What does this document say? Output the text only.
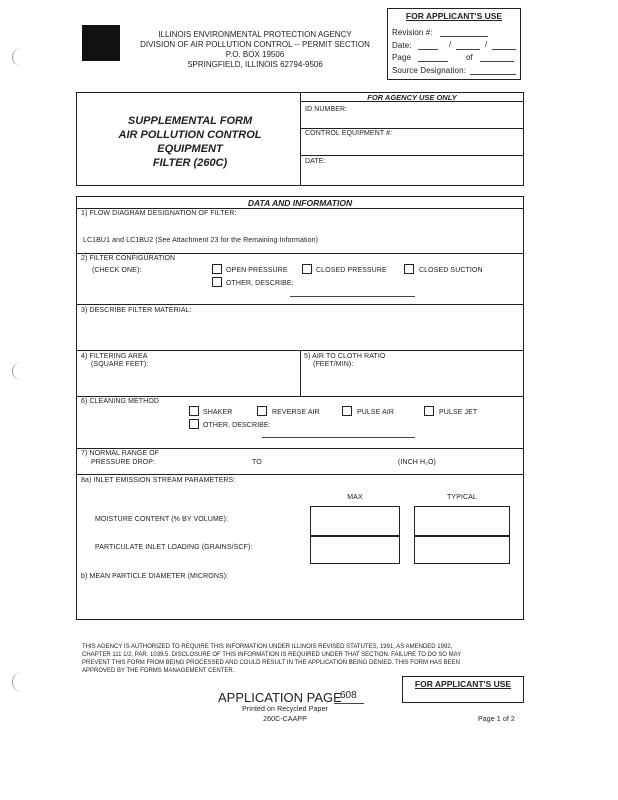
ILLINOIS ENVIRONMENTAL PROTECTION AGENCY
DIVISION OF AIR POLLUTION CONTROL -- PERMIT SECTION
P.O. BOX 19506
SPRINGFIELD, ILLINOIS 62794-9506
FOR APPLICANT'S USE
Revision #:
Date:	/	/
Page	of
Source Designation:
SUPPLEMENTAL FORM
AIR POLLUTION CONTROL
EQUIPMENT
FILTER (260C)
FOR AGENCY USE ONLY
ID NUMBER:
CONTROL EQUIPMENT #:
DATE:
DATA AND INFORMATION
1) FLOW DIAGRAM DESIGNATION OF FILTER:
LC1BU1 and LC1BU2 (See Attachment 23 for the Remaining Information)
2) FILTER CONFIGURATION
(CHECK ONE):	OPEN PRESSURE	CLOSED PRESSURE	CLOSED SUCTION
OTHER, DESCRIBE:
3) DESCRIBE FILTER MATERIAL:
4) FILTERING AREA
(SQUARE FEET):
5) AIR TO CLOTH RATIO
(FEET/MIN):
6) CLEANING METHOD
SHAKER	REVERSE AIR	PULSE AIR	PULSE JET
OTHER, DESCRIBE:
7) NORMAL RANGE OF
PRESSURE DROP:	TO	(INCH H₂O)
8a) INLET EMISSION STREAM PARAMETERS:
MAX	TYPICAL
MOISTURE CONTENT (% BY VOLUME):
PARTICULATE INLET LOADING (GRAINS/SCF):
b) MEAN PARTICLE DIAMETER (MICRONS):
THIS AGENCY IS AUTHORIZED TO REQUIRE THIS INFORMATION UNDER ILLINOIS REVISED STATUTES, 1991, AS AMENDED 1992,
CHAPTER 111 1/2, PAR. 1039.5. DISCLOSURE OF THIS INFORMATION IS REQUIRED UNDER THAT SECTION. FAILURE TO DO SO MAY
PREVENT THIS FORM FROM BEING PROCESSED AND COULD RESULT IN THE APPLICATION BEING DENIED. THIS FORM HAS BEEN
APPROVED BY THE FORMS MANAGEMENT CENTER.
FOR APPLICANT'S USE
APPLICATION PAGE
608
Printed on Recycled Paper
260C-CAAPP	Page 1 of 2
